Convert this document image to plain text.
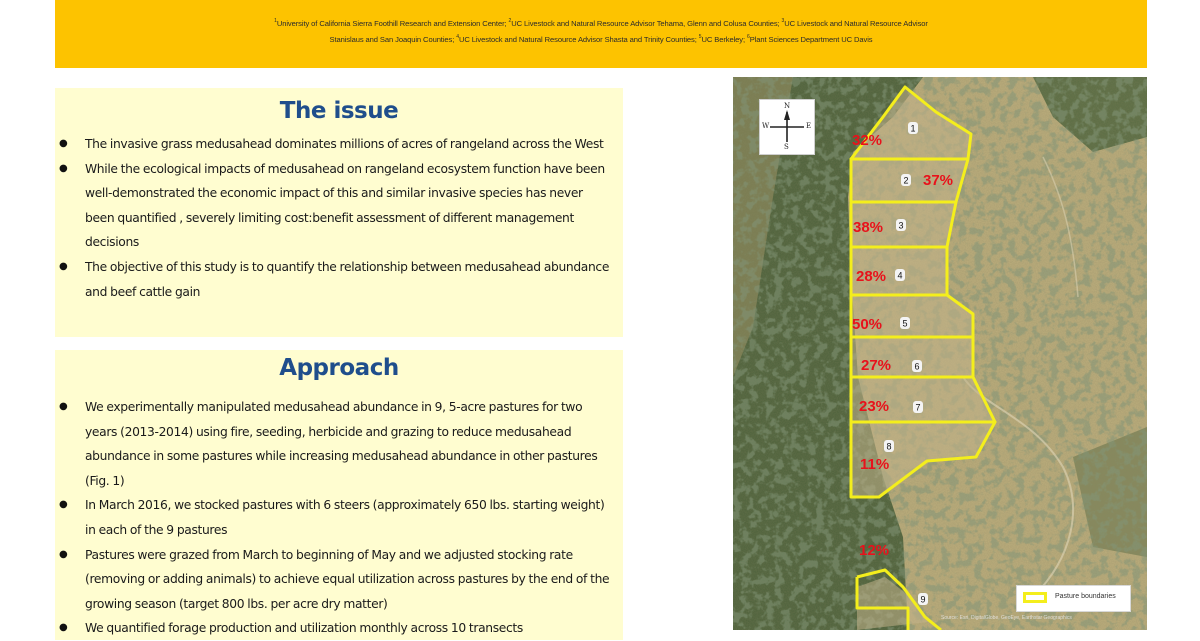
$^1$University of California Sierra Foothill Research and Extension Center; $^2$UC Livestock and Natural Resource Advisor Tehama, Glenn and Colusa Counties; $^3$UC Livestock and Natural Resource Advisor
Stanislaus and San Joaquin Counties; $^4$UC Livestock and Natural Resource Advisor Shasta and Trinity Counties; $^5$UC Berkeley; $^6$Plant Sciences Department UC Davis
The issue
● The invasive grass medusahead dominates millions of acres of rangeland across the West
● While the ecological impacts of medusahead on rangeland ecosystem function have been well-demonstrated the economic impact of this and similar invasive species has never been quantified , severely limiting cost:benefit assessment of different management decisions
● The objective of this study is to quantify the relationship between medusahead abundance and beef cattle gain
Approach
● We experimentally manipulated medusahead abundance in 9, 5-acre pastures for two years (2013-2014) using fire, seeding, herbicide and grazing to reduce medusahead abundance in some pastures while increasing medusahead abundance in other pastures (Fig. 1)
● In March 2016, we stocked pastures with 6 steers (approximately 650 lbs. starting weight) in each of the 9 pastures
● Pastures were grazed from March to beginning of May and we adjusted stocking rate (removing or adding animals) to achieve equal utilization across pastures by the end of the growing season (target 800 lbs. per acre dry matter)
● We quantified forage production and utilization monthly across 10 transects
1
2
3
4
5
6
7
8
9
32%
37%
38%
28%
50%
27%
23%
11%
12%
N
S
W	E
Pasture boundaries
Source: Esri, DigitalGlobe, GeoEye, Earthstar Geographics
